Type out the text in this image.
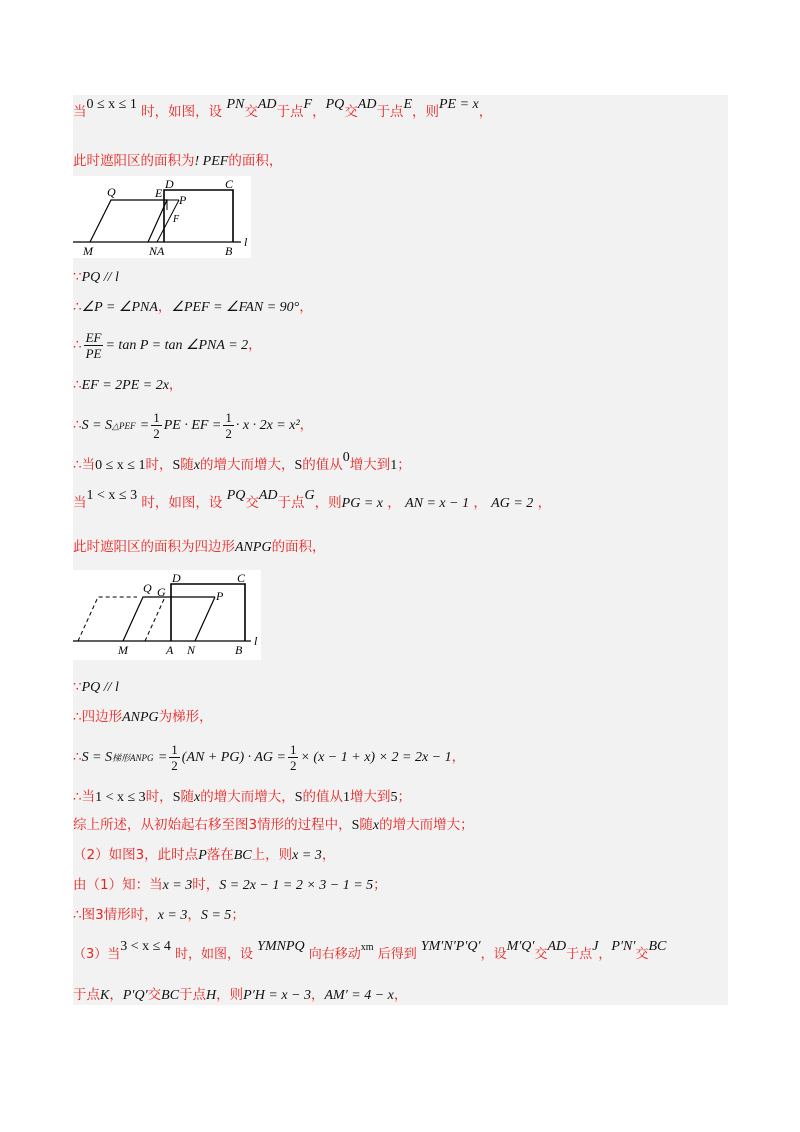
当0 ≤ x ≤ 1 时，如图，设 PN交AD于点F，PQ交AD于点E，则PE = x，
此时遮阳区的面积为! PEF的面积，
Q	E
D	C
P
F
M	NA	B
l
∵PQ // l
∴∠P = ∠PNA，∠PEF = ∠FAN = 90°，
∴ $\frac{EF}{PE} = \tan P = \tan$ ∠PNA = 2，
∴EF = 2PE = 2x，
∴S = S△PEF = $\frac{1}{2}$ PE · EF = $\frac{1}{2} \cdot x \cdot 2x = x^2$，
∴当0 ≤ x ≤ 1时，S随x的增大而增大，S的值从0增大到1；
当1 < x ≤ 3 时，如图，设 PQ交AD于点G，则PG = x ， AN = x − 1 ， AG = 2 ，
此时遮阳区的面积为四边形ANPG的面积，
Q G
D	C
P
M	A N	B
l
∵PQ // l
∴四边形ANPG为梯形，
∴S = S梯形ANPG = $\frac{1}{2} (AN + PG)$ · AG = $\frac{1}{2} \times (x - 1 + x) \times 2 = 2x - 1$，
∴当1 < x ≤ 3时，S随x的增大而增大，S的值从1增大到5；
综上所述，从初始起右移至图3情形的过程中，S随x的增大而增大；
（2）如图3，此时点P落在BC上，则x = 3，
由（1）知：当x = 3时，S = 2x − 1 = 2 × 3 − 1 = 5；
∴图3情形时，x = 3，S = 5；
（3）当3 < x ≤ 4 时，如图，设 YMNPQ 向右移动$^{xm}$ 后得到 YM′N′P′Q′，设M′Q′交AD于点J，P′N′交BC
于点K，P′Q′交BC于点H，则P′H = x − 3，AM′ = 4 − x，
